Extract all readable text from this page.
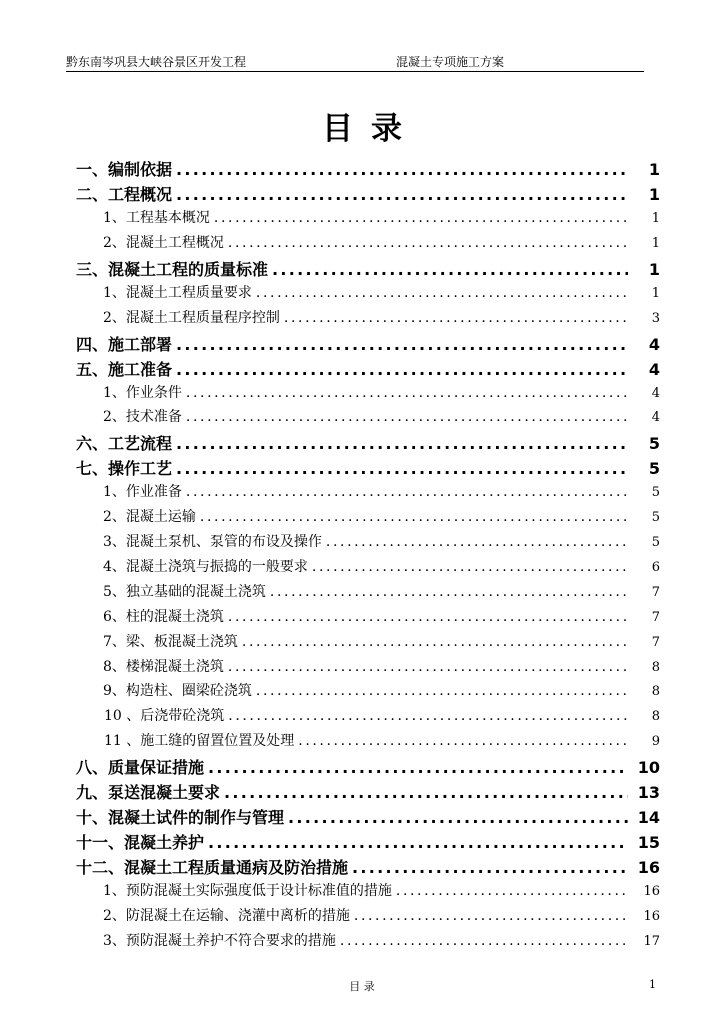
黔东南岑巩县大峡谷景区开发工程	混凝土专项施工方案
目录
一、编制依据 .....	1
二、工程概况 .....	1
1、工程基本概况 .....	1
2、混凝土工程概况 .....	1
三、混凝土工程的质量标准 .....	1
1、混凝土工程质量要求 .....	1
2、混凝土工程质量程序控制 .....	3
四、施工部署 .....	4
五、施工准备 .....	4
1、作业条件 .....	4
2、技术准备 .....	4
六、工艺流程 .....	5
七、操作工艺 .....	5
1、作业准备 .....	5
2、混凝土运输 .....	5
3、混凝土泵机、泵管的布设及操作 .....	5
4、混凝土浇筑与振捣的一般要求 .....	6
5、独立基础的混凝土浇筑 .....	7
6、柱的混凝土浇筑 .....	7
7、梁、板混凝土浇筑 .....	7
8、楼梯混凝土浇筑 .....	8
9、构造柱、圈梁砼浇筑 .....	8
10 、后浇带砼浇筑 .....	8
11 、施工缝的留置位置及处理 .....	9
八、质量保证措施 .....	10
九、泵送混凝土要求 .....	13
十、混凝土试件的制作与管理 .....	14
十一、混凝土养护 .....	15
十二、混凝土工程质量通病及防治措施 .....	16
1、预防混凝土实际强度低于设计标准值的措施 .....	16
2、防混凝土在运输、浇灌中离析的措施 .....	16
3、预防混凝土养护不符合要求的措施 .....	17
目 录	1
